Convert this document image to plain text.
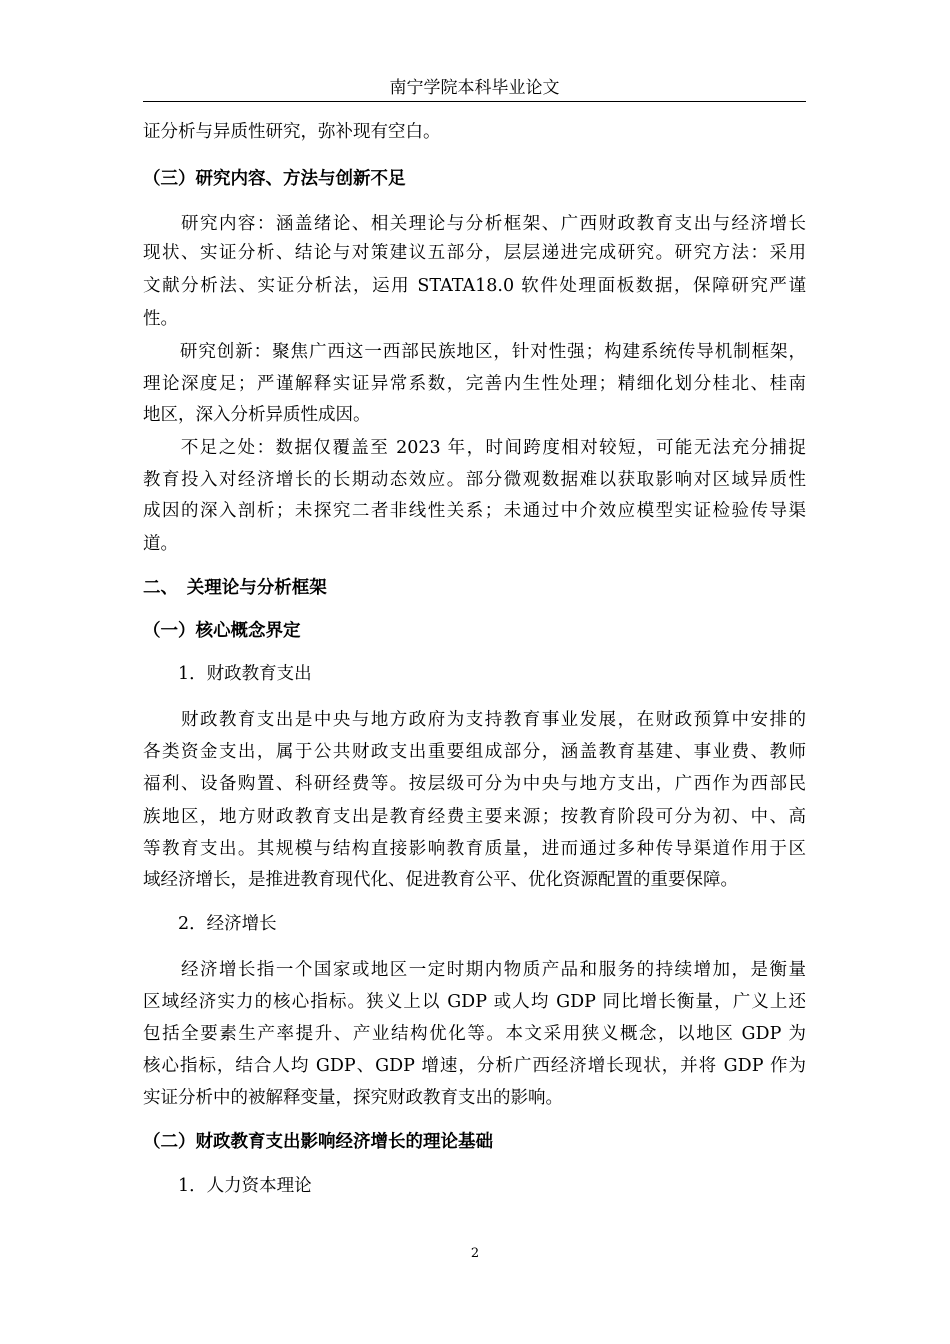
南宁学院本科毕业论文
证分析与异质性研究，弥补现有空白。
（三）研究内容、方法与创新不足
　　研究内容：涵盖绪论、相关理论与分析框架、广西财政教育支出与经济增长
现状、实证分析、结论与对策建议五部分，层层递进完成研究。研究方法：采用
文献分析法、实证分析法，运用 STATA18.0 软件处理面板数据，保障研究严谨
性。
　　研究创新：聚焦广西这一西部民族地区，针对性强；构建系统传导机制框架，
理论深度足；严谨解释实证异常系数，完善内生性处理；精细化划分桂北、桂南
地区，深入分析异质性成因。
　　不足之处：数据仅覆盖至 2023 年，时间跨度相对较短，可能无法充分捕捉
教育投入对经济增长的长期动态效应。部分微观数据难以获取影响对区域异质性
成因的深入剖析；未探究二者非线性关系；未通过中介效应模型实证检验传导渠
道。
二、　关理论与分析框架
（一）核心概念界定
　　1．财政教育支出
　　财政教育支出是中央与地方政府为支持教育事业发展，在财政预算中安排的
各类资金支出，属于公共财政支出重要组成部分，涵盖教育基建、事业费、教师
福利、设备购置、科研经费等。按层级可分为中央与地方支出，广西作为西部民
族地区，地方财政教育支出是教育经费主要来源；按教育阶段可分为初、中、高
等教育支出。其规模与结构直接影响教育质量，进而通过多种传导渠道作用于区
域经济增长，是推进教育现代化、促进教育公平、优化资源配置的重要保障。
　　2．经济增长
　　经济增长指一个国家或地区一定时期内物质产品和服务的持续增加，是衡量
区域经济实力的核心指标。狭义上以 GDP 或人均 GDP 同比增长衡量，广义上还
包括全要素生产率提升、产业结构优化等。本文采用狭义概念，以地区 GDP 为
核心指标，结合人均 GDP、GDP 增速，分析广西经济增长现状，并将 GDP 作为
实证分析中的被解释变量，探究财政教育支出的影响。
（二）财政教育支出影响经济增长的理论基础
　　1．人力资本理论
2
